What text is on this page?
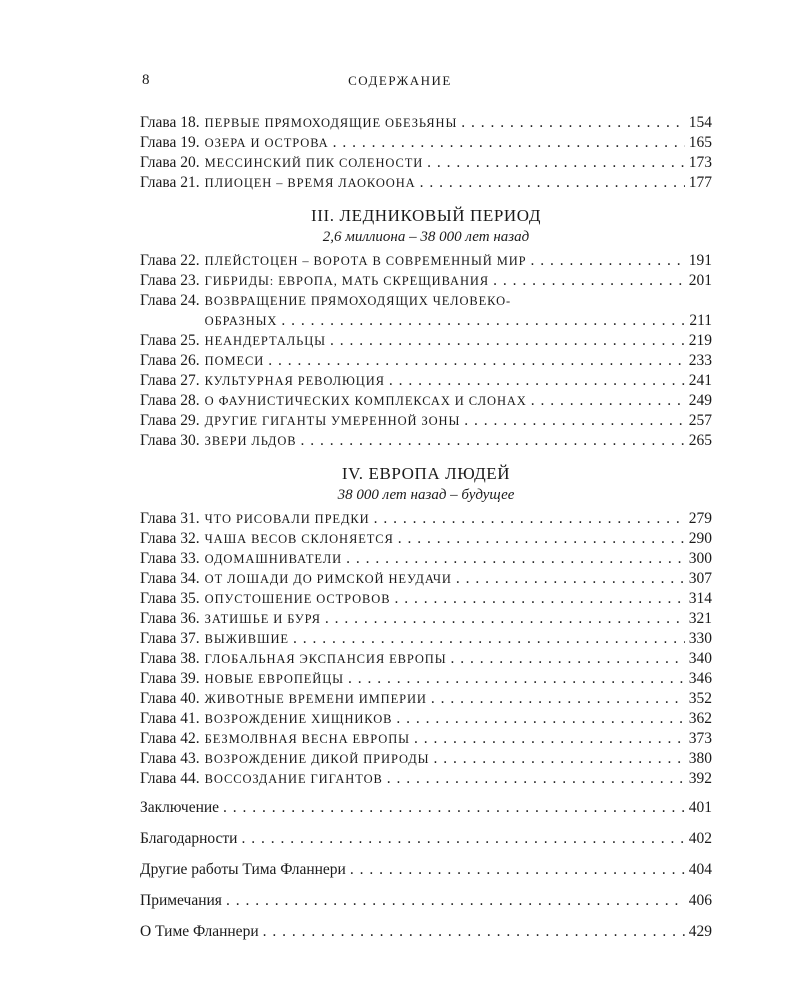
8	СОДЕРЖАНИЕ
Глава 18. ПЕРВЫЕ ПРЯМОХОДЯЩИЕ ОБЕЗЬЯНЫ . . .	154
Глава 19. ОЗЕРА И ОСТРОВА . . .	165
Глава 20. МЕССИНСКИЙ ПИК СОЛЕНОСТИ . . .	173
Глава 21. ПЛИОЦЕН – ВРЕМЯ ЛАОКООНА . . .	177
III. ЛЕДНИКОВЫЙ ПЕРИОД
2,6 миллиона – 38 000 лет назад
Глава 22. ПЛЕЙСТОЦЕН – ВОРОТА В СОВРЕМЕННЫЙ МИР . . .	191
Глава 23. ГИБРИДЫ: ЕВРОПА, МАТЬ СКРЕЩИВАНИЯ . . .	201
Глава 24. ВОЗВРАЩЕНИЕ ПРЯМОХОДЯЩИХ ЧЕЛОВЕКО-
ОБРАЗНЫХ . . .	211
Глава 25. НЕАНДЕРТАЛЬЦЫ . . .	219
Глава 26. ПОМЕСИ . . .	233
Глава 27. КУЛЬТУРНАЯ РЕВОЛЮЦИЯ . . .	241
Глава 28. О ФАУНИСТИЧЕСКИХ КОМПЛЕКСАХ И СЛОНАХ . . .	249
Глава 29. ДРУГИЕ ГИГАНТЫ УМЕРЕННОЙ ЗОНЫ . . .	257
Глава 30. ЗВЕРИ ЛЬДОВ . . .	265
IV. ЕВРОПА ЛЮДЕЙ
38 000 лет назад – будущее
Глава 31. ЧТО РИСОВАЛИ ПРЕДКИ . . .	279
Глава 32. ЧАША ВЕСОВ СКЛОНЯЕТСЯ . . .	290
Глава 33. ОДОМАШНИВАТЕЛИ . . .	300
Глава 34. ОТ ЛОШАДИ ДО РИМСКОЙ НЕУДАЧИ . . .	307
Глава 35. ОПУСТОШЕНИЕ ОСТРОВОВ . . .	314
Глава 36. ЗАТИШЬЕ И БУРЯ . . .	321
Глава 37. ВЫЖИВШИЕ . . .	330
Глава 38. ГЛОБАЛЬНАЯ ЭКСПАНСИЯ ЕВРОПЫ . . .	340
Глава 39. НОВЫЕ ЕВРОПЕЙЦЫ . . .	346
Глава 40. ЖИВОТНЫЕ ВРЕМЕНИ ИМПЕРИИ . . .	352
Глава 41. ВОЗРОЖДЕНИЕ ХИЩНИКОВ . . .	362
Глава 42. БЕЗМОЛВНАЯ ВЕСНА ЕВРОПЫ . . .	373
Глава 43. ВОЗРОЖДЕНИЕ ДИКОЙ ПРИРОДЫ . . .	380
Глава 44. ВОССОЗДАНИЕ ГИГАНТОВ . . .	392
Заключение . . .	401
Благодарности . . .	402
Другие работы Тима Фланнери . . .	404
Примечания . . .	406
О Тиме Фланнери . . .	429
